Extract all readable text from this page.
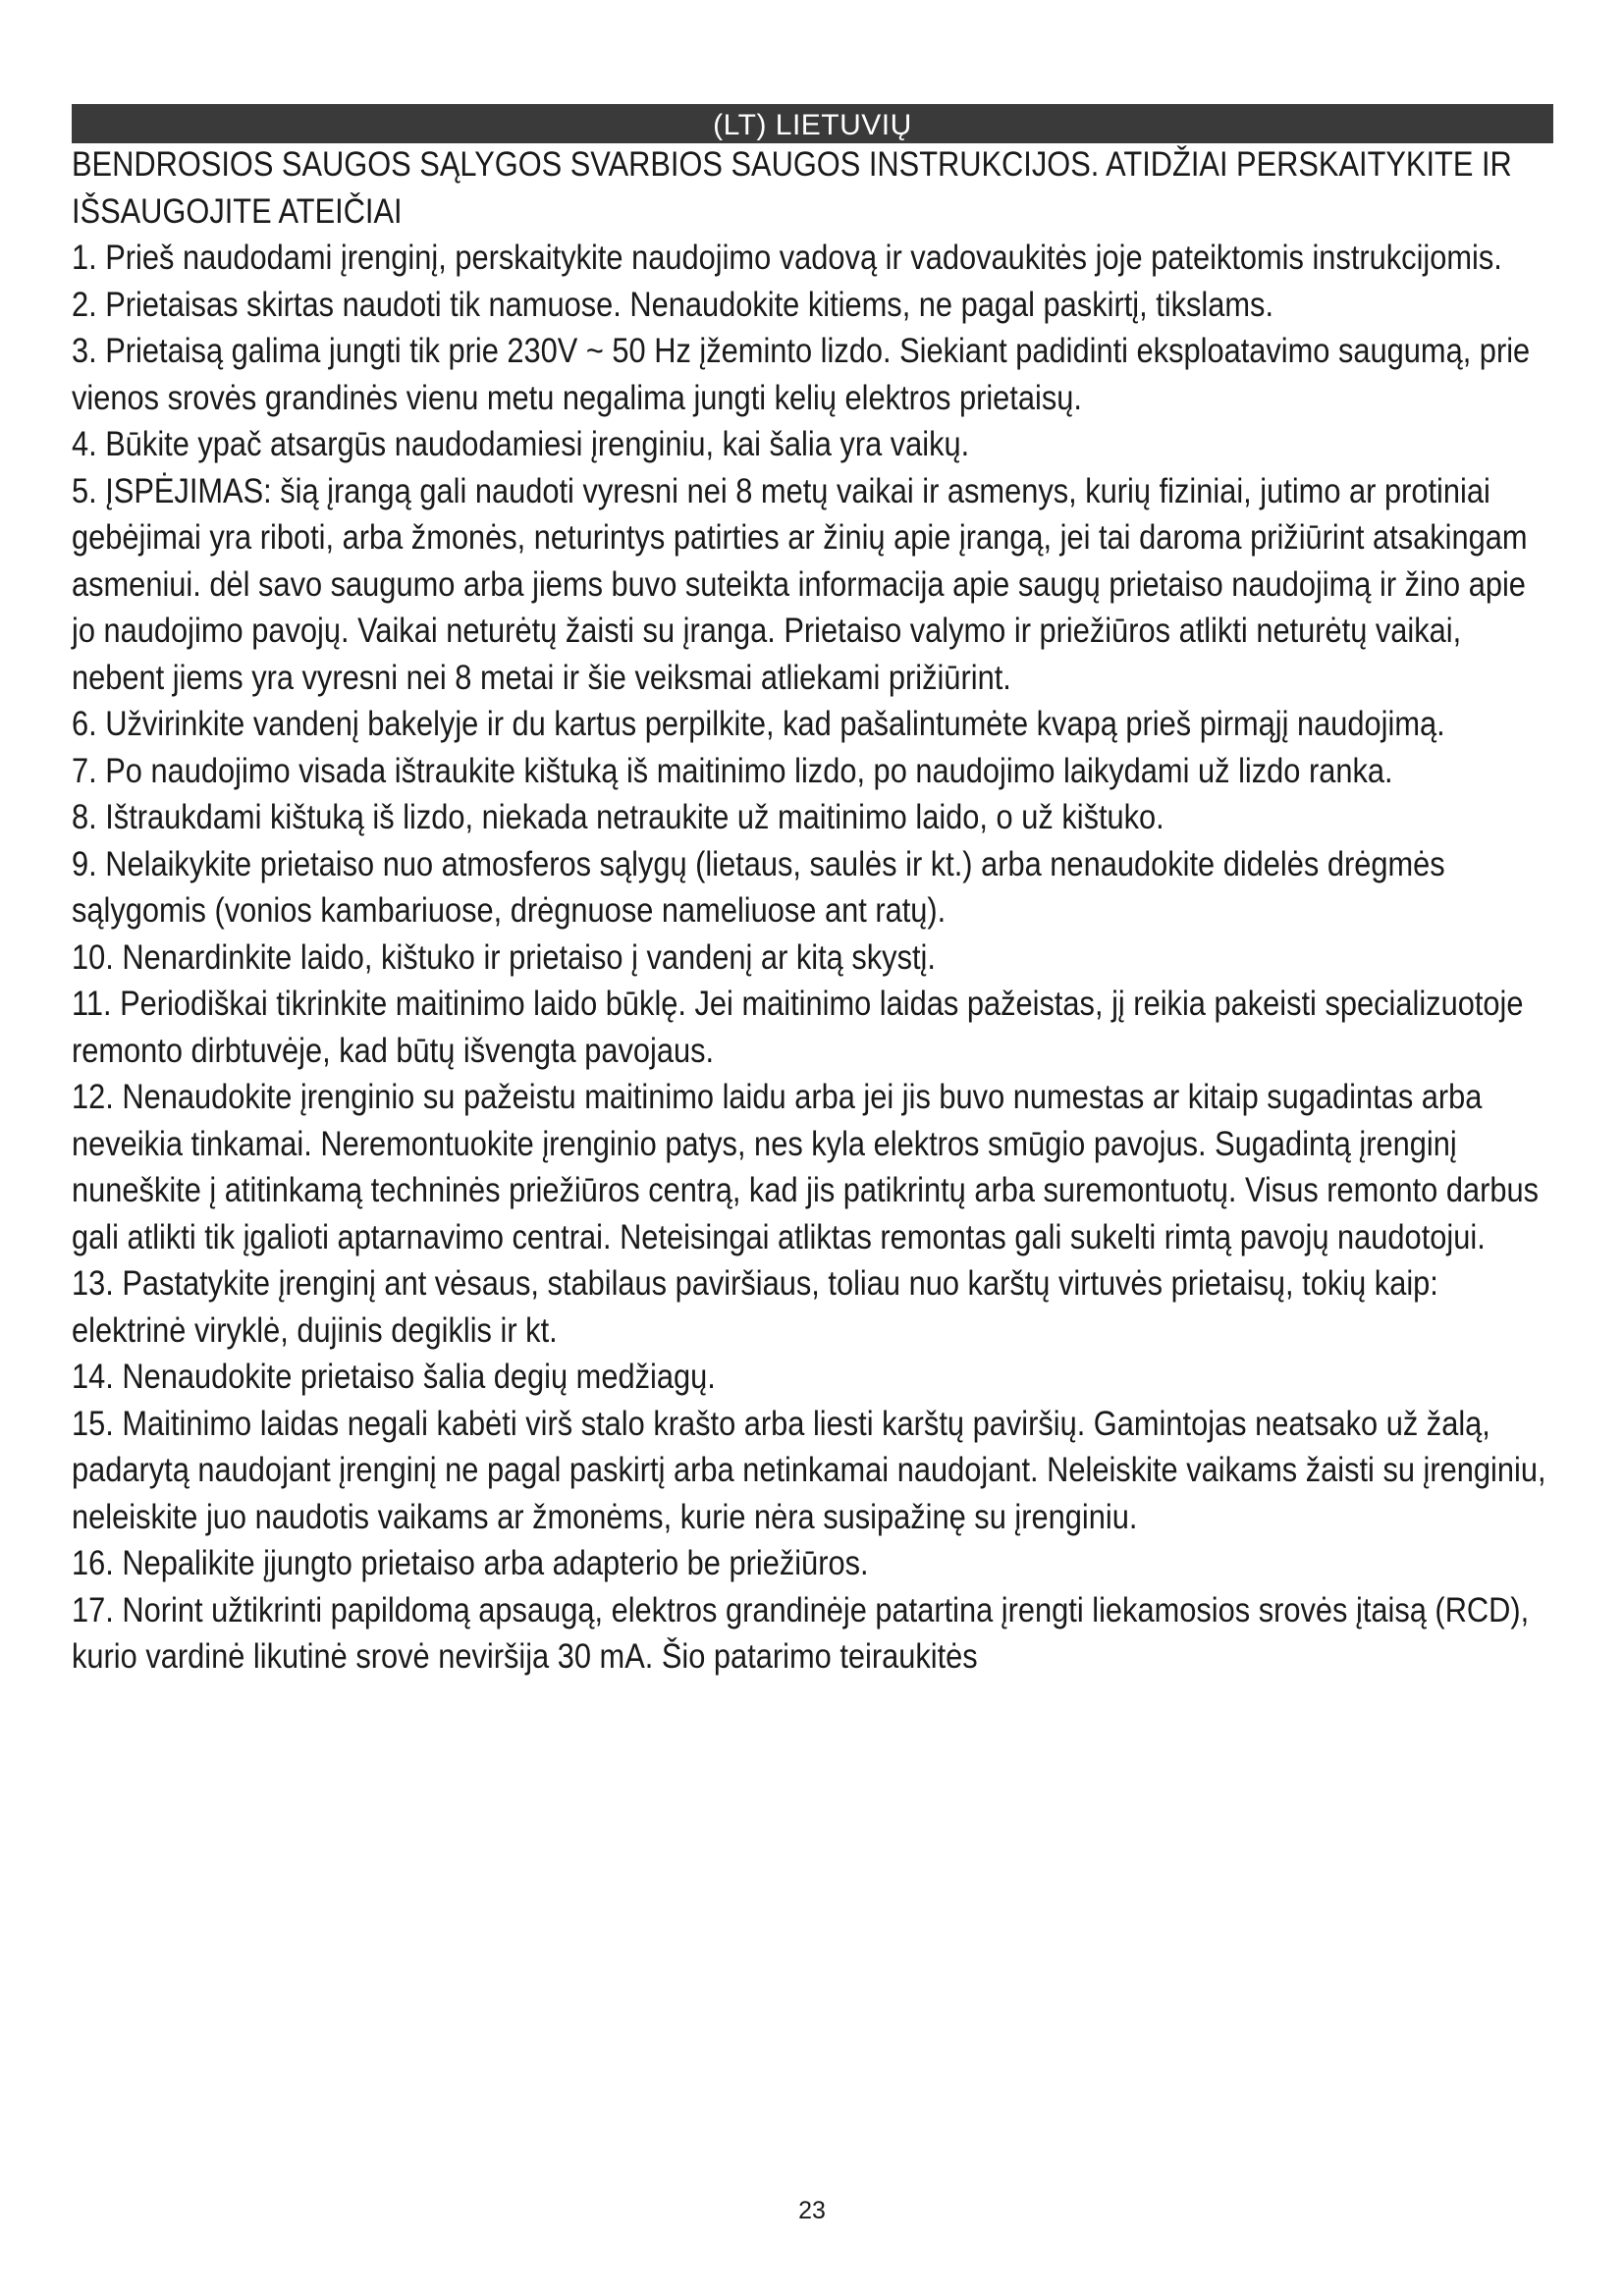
(LT) LIETUVIŲ
BENDROSIOS SAUGOS SĄLYGOS SVARBIOS SAUGOS INSTRUKCIJOS. ATIDŽIAI PERSKAITYKITE IR IŠSAUGOJITE ATEIČIAI

1. Prieš naudodami įrenginį, perskaitykite naudojimo vadovą ir vadovaukitės joje pateiktomis instrukcijomis.

2. Prietaisas skirtas naudoti tik namuose. Nenaudokite kitiems, ne pagal paskirtį, tikslams.

3. Prietaisą galima jungti tik prie 230V ~ 50 Hz įžeminto lizdo. Siekiant padidinti eksploatavimo saugumą, prie vienos srovės grandinės vienu metu negalima jungti kelių elektros prietaisų.

4. Būkite ypač atsargūs naudodamiesi įrenginiu, kai šalia yra vaikų.

5. ĮSPĖJIMAS: šią įrangą gali naudoti vyresni nei 8 metų vaikai ir asmenys, kurių fiziniai, jutimo ar protiniai gebėjimai yra riboti, arba žmonės, neturintys patirties ar žinių apie įrangą, jei tai daroma prižiūrint atsakingam asmeniui. dėl savo saugumo arba jiems buvo suteikta informacija apie saugų prietaiso naudojimą ir žino apie jo naudojimo pavojų. Vaikai neturėtų žaisti su įranga. Prietaiso valymo ir priežiūros atlikti neturėtų vaikai, nebent jiems yra vyresni nei 8 metai ir šie veiksmai atliekami prižiūrint.

6. Užvirinkite vandenį bakelyje ir du kartus perpilkite, kad pašalintumėte kvapą prieš pirmąjį naudojimą.

7. Po naudojimo visada ištraukite kištuką iš maitinimo lizdo, po naudojimo laikydami už lizdo ranka.

8. Ištraukdami kištuką iš lizdo, niekada netraukite už maitinimo laido, o už kištuko.

9. Nelaikykite prietaiso nuo atmosferos sąlygų (lietaus, saulės ir kt.) arba nenaudokite didelės drėgmės sąlygomis (vonios kambariuose, drėgnuose nameliuose ant ratų).

10. Nenardinkite laido, kištuko ir prietaiso į vandenį ar kitą skystį.

11. Periodiškai tikrinkite maitinimo laido būklę. Jei maitinimo laidas pažeistas, jį reikia pakeisti specializuotoje remonto dirbtuvėje, kad būtų išvengta pavojaus.

12. Nenaudokite įrenginio su pažeistu maitinimo laidu arba jei jis buvo numestas ar kitaip sugadintas arba neveikia tinkamai. Neremontuokite įrenginio patys, nes kyla elektros smūgio pavojus. Sugadintą įrenginį nuneškite į atitinkamą techninės priežiūros centrą, kad jis patikrintų arba suremontuotų. Visus remonto darbus gali atlikti tik įgalioti aptarnavimo centrai. Neteisingai atliktas remontas gali sukelti rimtą pavojų naudotojui.

13. Pastatykite įrenginį ant vėsaus, stabilaus paviršiaus, toliau nuo karštų virtuvės prietaisų, tokių kaip: elektrinė viryklė, dujinis degiklis ir kt.

14. Nenaudokite prietaiso šalia degių medžiagų.

15. Maitinimo laidas negali kabėti virš stalo krašto arba liesti karštų paviršių. Gamintojas neatsako už žalą, padarytą naudojant įrenginį ne pagal paskirtį arba netinkamai naudojant. Neleiskite vaikams žaisti su įrenginiu, neleiskite juo naudotis vaikams ar žmonėms, kurie nėra susipažinę su įrenginiu.

16. Nepalikite įjungto prietaiso arba adapterio be priežiūros.

17. Norint užtikrinti papildomą apsaugą, elektros grandinėje patartina įrengti liekamosios srovės įtaisą (RCD), kurio vardinė likutinė srovė neviršija 30 mA. Šio patarimo teiraukitės

23
